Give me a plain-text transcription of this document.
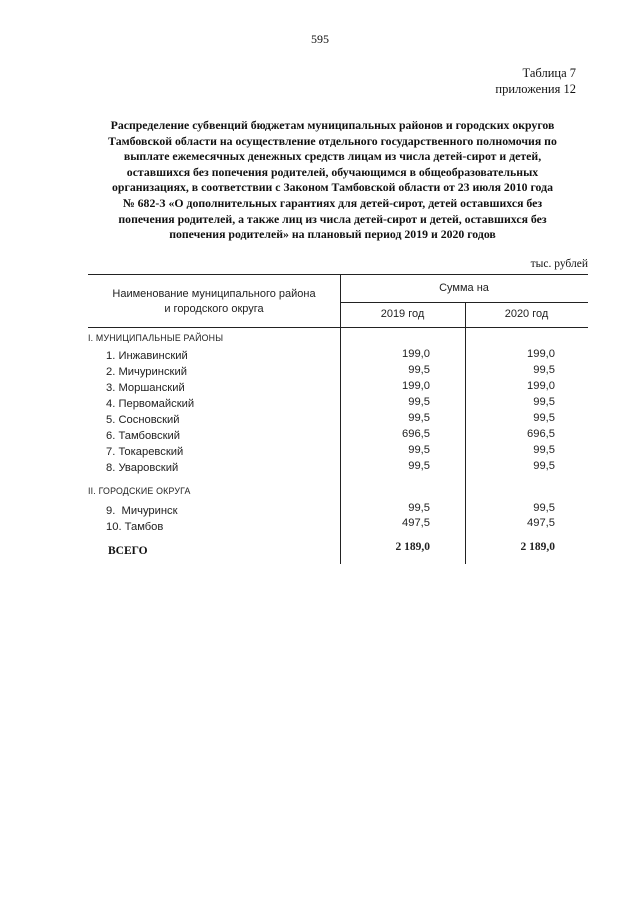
595
Таблица 7
приложения 12
Распределение субвенций бюджетам муниципальных районов и городских округов
Тамбовской области на осуществление отдельного государственного полномочия по
выплате ежемесячных денежных средств лицам из числа детей-сирот и детей,
оставшихся без попечения родителей, обучающимся в общеобразовательных
организациях, в соответствии с Законом Тамбовской области от 23 июля 2010 года
№ 682-З «О дополнительных гарантиях для детей-сирот, детей оставшихся без
попечения родителей, а также лиц из числа детей-сирот и детей, оставшихся без
попечения родителей» на плановый период 2019 и 2020 годов
тыс. рублей
Наименование муниципального района
и городского округа
Сумма на
2019 год	2020 год
I. МУНИЦИПАЛЬНЫЕ РАЙОНЫ
1. Инжавинский	199,0	199,0
2. Мичуринский	99,5	99,5
3. Моршанский	199,0	199,0
4. Первомайский	99,5	99,5
5. Сосновский	99,5	99,5
6. Тамбовский	696,5	696,5
7. Токаревский	99,5	99,5
8. Уваровский	99,5	99,5
II. ГОРОДСКИЕ ОКРУГА
9.  Мичуринск	99,5	99,5
10. Тамбов	497,5	497,5
ВСЕГО	2 189,0	2 189,0
